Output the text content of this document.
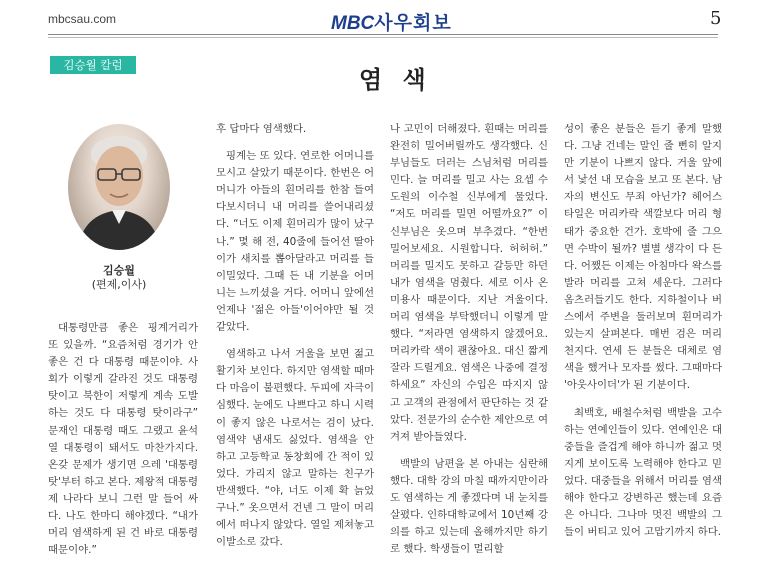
mbcsau.com	MBC사우회보	5
김승월 칼럼	염 색
김승월
(편제,이사)

대통령만큼 좋은 핑계거리가 또 있을까. “요즘처럼 경기가 안 좋은 건 다 대통령 때문이야. 사회가 이렇게 갈라진 것도 대통령 탓이고 북한이 저렇게 계속 도발하는 것도 다 대통령 탓이라구” 문재인 대통령 때도 그랬고 윤석열 대통령이 돼서도 마찬가지다. 온갖 문제가 생기면 으레 '대통령 탓'부터 하고 본다. 제왕적 대통령제 나라다 보니 그런 말 들어 싸다. 나도 한마디 해야겠다. “내가 머리 염색하게 된 건 바로 대통령 때문이야.”

후 답마다 염색했다.

핑계는 또 있다. 연로한 어머니를 모시고 살았기 때문이다. 한번은 어머니가 아들의 흰머리를 한참 들여다보시더니 내 머리를 쓸어내리셨다. “너도 이제 흰머리가 많이 났구나.” 몇 해 전, 40줄에 들어선 딸아이가 새치를 뽑아달라고 머리를 들이밀었다. 그때 든 내 기분을 어머니는 느끼셨을 거다. 어머니 앞에선 언제나 '젊은 아들'이어야만 될 것 같았다.

염색하고 나서 거울을 보면 젊고 활기차 보인다. 하지만 염색할 때마다 마음이 불편했다. 두피에 자극이 심했다. 눈에도 나쁘다고 하니 시력이 좋지 않은 나로서는 검이 났다. 염색약 냄새도 싫었다. 염색을 안 하고 고등학교 동창회에 간 적이 있었다. 가리지 않고 말하는 친구가 반색했다. “야, 너도 이제 확 늙었구나.” 옷으면서 건넨 그 말이 머리에서 떠나지 않았다. 열일 제쳐놓고 이발소로 갔다.

나 고민이 더해졌다. 흰때는 머리를 완전히 밀어버릴까도 생각했다. 신부님들도 더러는 스님처럼 머리를 민다. 늘 머리를 밀고 사는 요셉 수도원의 이수철 신부에게 물었다. “저도 머리를 밀면 어떨까요?” 이 신부님은 옷으며 부추겼다. “한번 밀어보세요. 시원합니다. 허허허.” 머리를 밀지도 못하고 갈등만 하던 내가 염색을 멈췄다. 세로 이사 온 미용사 때문이다. 지난 겨울이다. 머리 염색을 부탁했더니 이렇게 말했다. “저라면 염색하지 않겠어요. 머리카락 색이 괜찮아요. 대신 짧게 잘라 드릴게요. 염색은 나중에 결정하세요” 자신의 수입은 따지지 않고 고객의 관점에서 판단하는 것 같았다. 전문가의 순수한 제안으로 여겨져 받아들였다.

백발의 남편을 본 아내는 심란해했다. 대학 강의 마칠 때까지만이라도 염색하는 게 좋겠다며 내 눈치를 살폈다. 인하대학교에서 10년째 강의를 하고 있는데 올해까지만 하기로 했다. 학생들이 멀리할

성이 좋은 분들은 듣기 좋게 말했다. 그냥 건네는 말인 줄 뻔히 알지만 기분이 나쁘지 않다. 거울 앞에서 낯선 내 모습을 보고 또 본다. 남자의 변신도 무죄 아닌가? 헤어스타일은 머리카락 색깔보다 머리 형태가 중요한 건가. 호박에 줄 그으면 수박이 될까? 별별 생각이 다 든다. 어쨌든 이제는 아침마다 왁스를 발라 머리를 고쳐 세운다. 그러다 옴츠러들기도 한다. 지하철이나 버스에서 주변을 둘러보며 흰머리가 있는지 살펴본다. 매번 검은 머리 천지다. 연세 든 분들은 대체로 염색을 했거나 모자를 썼다. 그때마다 '아웃사이더'가 된 기분이다.

최백호, 배철수처럼 백발을 고수하는 연예인들이 있다. 연예인은 대중들을 즐겁게 해야 하니까 젊고 멋지게 보이도록 노력해야 한다고 믿었다. 대중들을 위해서 머리를 염색해야 한다고 강변하곤 했는데 요즘은 아니다. 그나마 멋진 백발의 그들이 버티고 있어 고맙기까지 하다.
